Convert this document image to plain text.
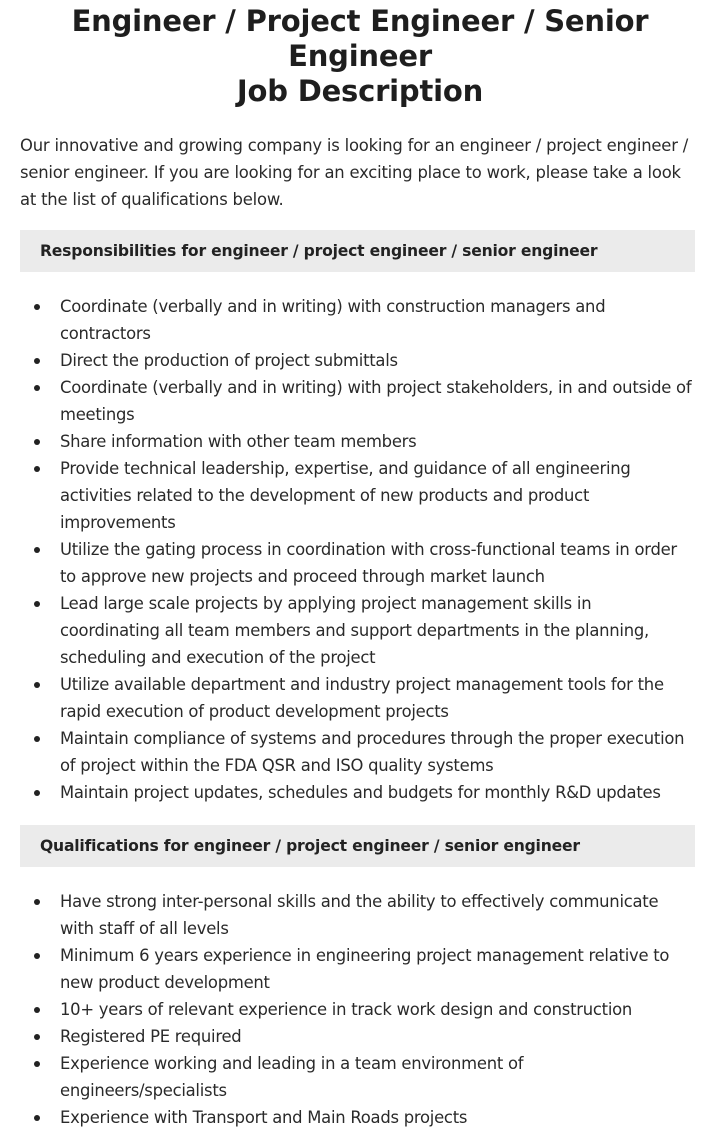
Engineer / Project Engineer / Senior Engineer
Job Description

Our innovative and growing company is looking for an engineer / project engineer / senior engineer. If you are looking for an exciting place to work, please take a look at the list of qualifications below.

Responsibilities for engineer / project engineer / senior engineer
Coordinate (verbally and in writing) with construction managers and contractors
Direct the production of project submittals
Coordinate (verbally and in writing) with project stakeholders, in and outside of meetings
Share information with other team members
Provide technical leadership, expertise, and guidance of all engineering activities related to the development of new products and product improvements
Utilize the gating process in coordination with cross-functional teams in order to approve new projects and proceed through market launch
Lead large scale projects by applying project management skills in coordinating all team members and support departments in the planning, scheduling and execution of the project
Utilize available department and industry project management tools for the rapid execution of product development projects
Maintain compliance of systems and procedures through the proper execution of project within the FDA QSR and ISO quality systems
Maintain project updates, schedules and budgets for monthly R&D updates
Qualifications for engineer / project engineer / senior engineer
Have strong inter-personal skills and the ability to effectively communicate with staff of all levels
Minimum 6 years experience in engineering project management relative to new product development
10+ years of relevant experience in track work design and construction
Registered PE required
Experience working and leading in a team environment of engineers/specialists
Experience with Transport and Main Roads projects
